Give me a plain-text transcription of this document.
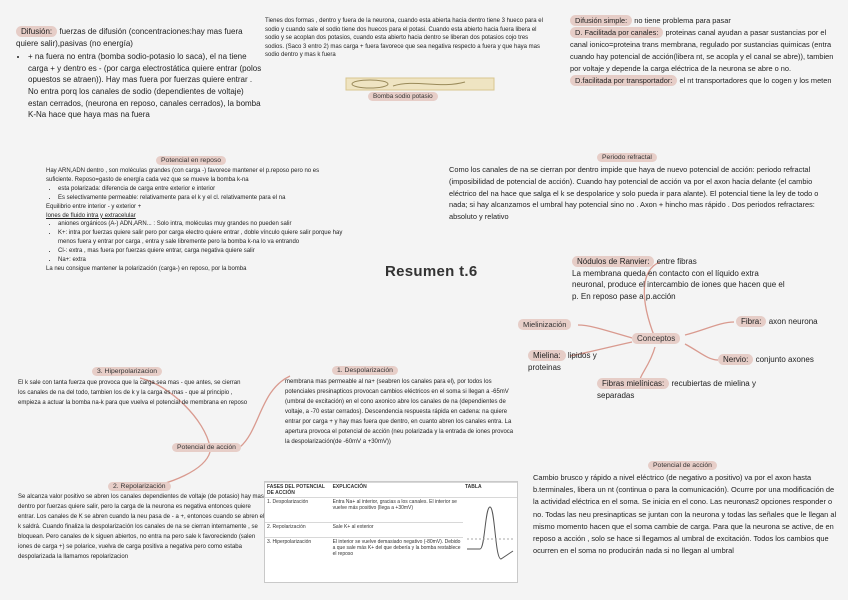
Difusión: fuerzas de difusión (concentraciones:hay mas fuera quiere salir),pasivas (no energía)
• + na fuera no entra (bomba sodio-potasio lo saca), el na tiene carga + y dentro es - (por carga electrostática quiere entrar (polos opuestos se atraen)). Hay mas fuera por fuerzas quiere entrar . No entra porq los canales de sodio (dependientes de voltaje) estan cerrados, (neurona en reposo, canales cerrados), la bomba K-Na hace que haya mas na fuera
Tienes dos formas , dentro y fuera de la neurona, cuando esta abierta hacia dentro tiene 3 hueco para el sodio y cuando sale el sodio tiene dos huecos para el potasi. Cuando esta abierto hacia fuera libera el sodio y se acoplan dos potasios, cuando esta abierto hacia dentro se liberan dos potasios cojo tres sodios. (Saco 3 entro 2) mas carga + fuera favorece que sea negativa respecto a fuera y que haya mas sodio dentro y mas k fuera
Bomba sodio potasio
Difusión simple: no tiene problema para pasar
D. Facilitada por canales: proteinas canal ayudan a pasar sustancias por el canal ionico=proteina trans membrana, regulado por sustancias quimicas (entra cuando hay potencial de acción(libera nt, se acopla y el canal se abre)), tambien por voltaje y depende la carga eléctrica de la neurona se abre o no.
D.facilitada por transportador: el nt transportadores que lo cogen y los meten
Potencial en reposo
Hay ARN,ADN dentro , son moléculas grandes (con carga -) favorece mantener el p.reposo pero no es suficiente. Reposo=gasto de energía cada vez que se mueve la bomba k-na
• esta polarizada: diferencia de carga entre exterior e interior
• Es selectivamente permeable: relativamente para el k y el cl. relativamente para el na
Equilibrio entre interior - y exterior +
Iones de fluido intra y extracelular
• aniones orgánicos (A-) ADN,ARN... : Solo intra, moléculas muy grandes no pueden salir
• K+: intra por fuerzas quiere salir pero por carga electro quiere entrar , doble vínculo quiere salir porque hay menos fuera y entrar por carga , entra y sale libremente pero la bomba k-na lo va entrando
• Cl-: extra , mas fuera por fuerzas quiere entrar, carga negativa quiere salir
• Na+: extra
La neu consigue mantener la polarización (carga-) en reposo, por la bomba
Periodo refractal
Como los canales de na se cierran por dentro impide que haya de nuevo potencial de acción: periodo refractal (imposibilidad de potencial de acción). Cuando hay potencial de acción va por el axon hacia delante (el cambio eléctrico del na hace que salga el k se despolarice y solo pueda ir para alante). El potencial tiene la ley de todo o nada; si hay alcanzamos el umbral hay potencial sino no . Axon + hincho mas rápido . Dos periodos refractares: absoluto y relativo
Resumen t.6
Nódulos de Ranvier: entre fibras
La membrana queda en contacto con el líquido extra neuronal, produce el intercambio de iones que hacen que el p. En reposo pase a p.acción
Mielinización
Conceptos
Fibra: axon neurona
Mielina: lipidos y proteinas
Nervio: conjunto axones
Fibras mielínicas: recubiertas de mielina y separadas
3. Hiperpolarizacion
El k sale con tanta fuerza que provoca que la carga sea mas - que antes, se cierran los canales de na del todo, tambien los de k y la carga es mas - que al principio , empieza a actuar la bomba na-k para que vuelva el potencial de membrana en reposo
Potencial de acción
1. Despolarización
membrana mas permeable al na+ (seabren los canales para el), por todos los potenciales presinapticos provocan cambios eléctricos en el soma si llegan a -65mV (umbral de excitación) en el cono axonico abre los canales de na (dependientes de voltaje, a -70 estar cerrados). Descendencia respuesta rápida en cadena: na quiere entrar por carga + y hay mas fuera que dentro, en cuanto abren los canales entra. La apertura provoca el potencial de acción (neu polarizada y la entrada de iones provoca la despolarización(de -60mV a +30mV))
2. Repolarización
Se alcanza valor positivo se abren los canales dependientes de voltaje (de potasio) hay mas dentro por fuerzas quiere salir, pero la carga de la neurona es negativa entonces quiere entrar. Los canales de K se abren cuando la neu pasa de - a +, entonces cuando se abren el k saldrá. Cuando finaliza la despolarización los canales de na se cierran internamente , se bloquean. Pero canales de k siguen abiertos, no entra na pero sale k favoreciendo (salen iones de carga +) se polarice, vuelva de carga positiva a negativa pero como estaba despolarizada la llamamos repolarizacion
FASES DEL POTENCIAL DE ACCIÓN	EXPLICACIÓN	TABLA
1. Despolarización	Entra Na+ al interior, gracias a los canales. El interior se vuelve más positivo (llega a +30mV)	
2. Repolarización	Sale K+ al exterior	
3. Hiperpolarización	El interior se vuelve demasiado negativo (-80mV). Debido a que sale más K+ del que debería y la bomba restablece el reposo	
Potencial de acción
Cambio brusco y rápido a nivel eléctrico (de negativo a positivo) va por el axon hasta b.terminales, libera un nt (continua o para la comunicación). Ocurre por una modificación de la actividad eléctrica en el soma. Se inicia en el cono. Las neuronas2 opciones responder o no. Todas las neu presinapticas se juntan con la neurona y todas las señales que le llegan al mismo momento hacen que el soma cambie de carga. Para que la neurona se active, de en reposo a acción , solo se hace si llegamos al umbral de excitación. Todos los cambios que ocurren en el soma no producirán nada si no llegan al umbral
